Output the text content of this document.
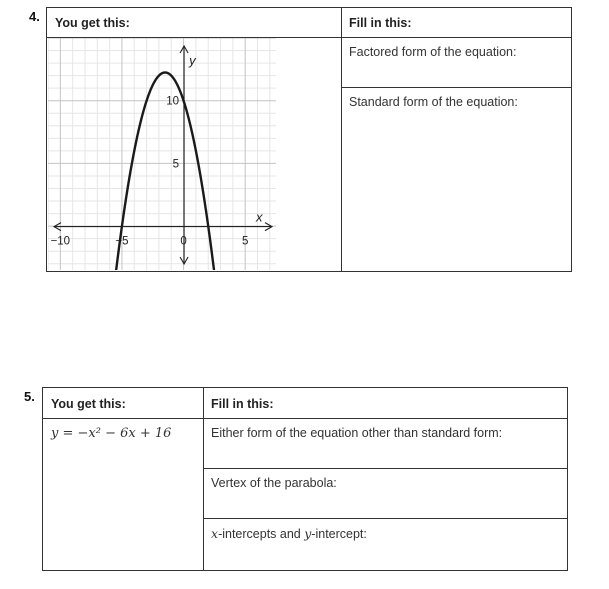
4. You get this:	Fill in this:
Factored form of the equation:
Standard form of the equation:
x
y
−10	−5	0	5
5
10
5. You get this:	Fill in this:
y = −x² − 6x + 16	Either form of the equation other than standard form:
Vertex of the parabola:
x-intercepts and y-intercept:
